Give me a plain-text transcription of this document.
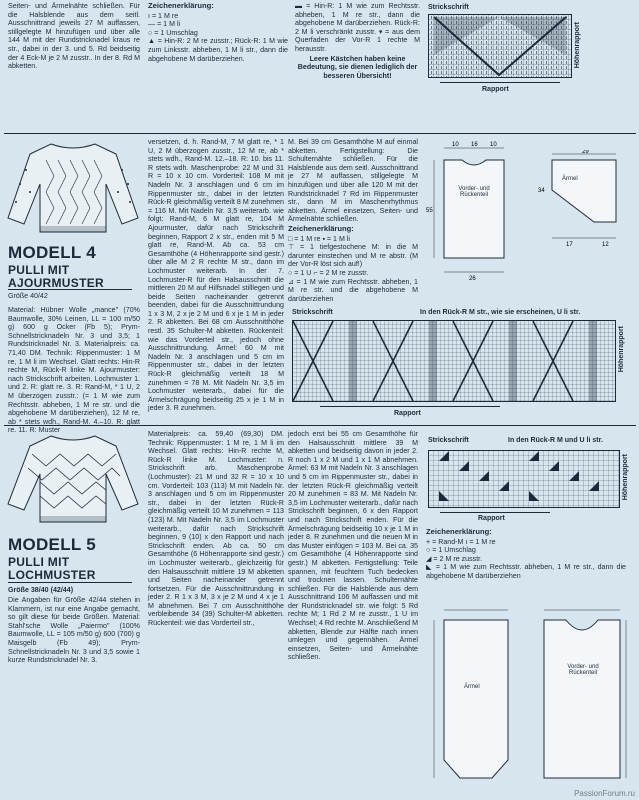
Seiten- und Ärmelnähte schließen. Für die Halsblende aus dem seitl. Ausschnittrand jeweils 27 M auffassen, stillgelegte M hinzufügen und über alle 144 M mit der Rundstricknadel kraus re str., dabei in der 3. und 5. Rd beidseitig der 4 Eck-M je 2 M zusstr.. In der 8. Rd M abketten.

Zeichenerklärung:
ı = 1 M re
— = 1 M li
○ = 1 Umschlag
▲ = Hin-R: 2 M re zusstr.; Rück-R: 1 M wie zum Linksstr. abheben, 1 M li str., dann die abgehobene M darüberziehen.

▬ = Hin-R: 1 M wie zum Rechtsstr. abheben, 1 M re str., dann die abgehobene M darüberziehen. Rück-R: 2 M li verschränkt zusstr. ▾ = aus dem Querfaden der Vor-R 1 rechte M herausstr.

Leere Kästchen haben keine Bedeutung, sie dienen lediglich der besseren Übersicht!

Strickschrift
Höhenrapport
Rapport
MODELL 4
PULLI MIT
AJOURMUSTER
Größe 40/42

Material: Hübner Wolle „mance" (70% Baumwolle, 30% Leinen, LL = 100 m/50 g) 600 g Ocker (Fb 5); Prym-Schnellstricknadeln Nr. 3 und 3,5; 1 Rundstricknadel Nr. 3. Materialpreis: ca. 71,40 DM. Technik: Rippenmuster: 1 M re, 1 M li im Wechsel. Glatt rechts: Hin-R rechte M, Rück-R linke M. Ajourmuster: nach Strickschrift arbeiten. Lochmuster 1. und 2. R: glatt re. 3. R: Rand-M, * 1 U, 2 M überzogen zusstr.: (= 1 M wie zum Rechtsstr. abheben, 1 M re str. und die abgehobene M darüberziehen), 12 M re, ab * stets wdh., Rand-M. 4.–10. R: glatt re. 11. R: Muster

versetzen, d. h. Rand-M, 7 M glatt re, * 1 U, 2 M überzogen zusstr., 12 M re, ab * stets wdh., Rand-M. 12.–18. R: 10. bis 11. R stets wdh. Maschenprobe: 22 M und 31 R = 10 x 10 cm. Vorderteil: 108 M mit Nadeln Nr. 3 anschlagen und 6 cm im Rippenmuster str., dabei in der letzten Rück-R gleichmäßig verteilt 8 M zunehmen = 116 M. Mit Nadeln Nr. 3,5 weiterarb. wie folgt: Rand-M, 6 M glatt re, 104 M Ajourmuster, dafür nach Strickschrift beginnen, Rapport 2 x str., enden mit 5 M glatt re, Rand-M. Ab ca. 53 cm Gesamthöhe (4 Höhenrapporte sind gestr.) über alle M 2 R rechte M str., dann im Lochmuster weiterarb. In der 7. Lochmuster-R für den Halsausschnitt die mittleren 20 M auf Hilfsnadel stilllegen und beide Seiten nacheinander getrennt beenden, dabei für die Ausschnittrundung 1 x 3 M, 2 x je 2 M und 6 x je 1 M in jeder 2. R abketten. Bei 68 cm Ausschnitthöhe restl. 35 Schulter-M abketten. Rückenteil: wie das Vorderteil str., jedoch ohne Ausschnittrundung. Ärmel: 60 M mit Nadeln Nr. 3 anschlagen und 5 cm im Rippenmuster str., dabei in der letzten Rück-R gleichmäßig verteilt 18 M zunehmen = 78 M. Mit Nadeln Nr. 3,5 im Lochmuster weiterarb., dabei für die Ärmelschrägung beidseitig 25 x je 1 M in jeder 3. R zunehmen.

M. Bei 39 cm Gesamthöhe M auf einmal abketten. Fertigstellung: Die Schulternähte schließen. Für die Halsblende aus dem seitl. Ausschnittrand je 27 M auffassen, stillgelegte M hinzufügen und über alle 120 M mit der Rundstricknadel 7 Rd im Rippenmuster str., dann M im Maschenrhythmus abketten. Ärmel einsetzen, Seiten- und Ärmelnähte schließen.

Zeichenerklärung:
□ = 1 M re ▪ = 1 M li
⊤ = 1 tiefgestochene M: in die M darunter einstechen und M re abstr. (M der Vor-R löst sich auf!)
○ = 1 U ⌐ = 2 M re zusstr.
⊿ = 1 M wie zum Rechtsstr. abheben, 1 M re str. und die abgehobene M darüberziehen
10 16 10
55
26
Vorder- und Rückenteil
29
34
17	12
Ärmel
Strickschrift	In den Rück-R M str., wie sie erscheinen, U li str.
Höhenrapport
Rapport
MODELL 5
PULLI MIT
LOCHMUSTER
Größe 38/40 (42/44)

Die Angaben für Größe 42/44 stehen in Klammern, ist nur eine Angabe gemacht, so gilt diese für beide Größen. Material: Stahl'sche Wolle „Paiermo" (100% Baumwolle, LL = 105 m/50 g) 600 (700) g Maisgelb (Fb 49); Prym-Schnellstricknadeln Nr. 3 und 3,5 sowie 1 kurze Rundstricknadel Nr. 3.

Materialpreis: ca. 59,40 (69,30) DM. Technik: Rippenmuster: 1 M re, 1 M li im Wechsel. Glatt rechts: Hin-R rechte M, Rück-R linke M. Lochmuster: n. Strickschrift arb. Maschenprobe (Lochmuster): 21 M und 32 R = 10 x 10 cm. Vorderteil: 103 (113) M mit Nadeln Nr. 3 anschlagen und 5 cm im Rippenmuster str., dabei in der letzten Rück-R gleichmäßig verteilt 10 M zunehmen = 113 (123) M. Mit Nadeln Nr. 3,5 im Lochmuster weiterarb., dafür nach Strickschrift beginnen, 9 (10) x den Rapport und nach Strickschrift enden. Ab ca. 50 cm Gesamthöhe (6 Höhenrapporte sind gestr.) im Lochmuster weiterarb., gleichzeitig für den Halsausschnitt mittlere 19 M abketten und Seiten nacheinander getrennt fortsetzen. Für die Ausschnittrundung in jeder 2. R 1 x 3 M, 3 x je 2 M und 4 x je 1 M abnehmen. Bei 7 cm Ausschnitthöhe verbleibende 34 (39) Schulter-M abketten. Rückenteil: wie das Vorderteil str.,

jedoch erst bei 55 cm Gesamthöhe für den Halsausschnitt mittlere 39 M abketten und beidseitig davon in jeder 2. R noch 1 x 2 M und 1 x 1 M abnehmen. Ärmel: 63 M mit Nadeln Nr. 3 anschlagen und 5 cm im Rippenmuster str., dabei in der letzten Rück-R gleichmäßig verteilt 20 M zunehmen = 83 M. Mit Nadeln Nr. 3,5 im Lochmuster weiterarb., dafür nach Strickschrift beginnen, 6 x den Rapport und nach Strickschrift enden. Für die Ärmelschrägung beidseitig 10 x je 1 M in jeder 8. R zunehmen und die neuen M in das Muster einfügen = 103 M. Bei ca. 35 cm Gesamthöhe (4 Höhenrapporte sind gestr.) M abketten. Fertigstellung: Teile spannen, mit feuchtem Tuch bedecken und trocknen lassen. Schulternähte schließen. Für die Halsblende aus dem Ausschnittrand 106 M auffassen und mit der Rundstricknadel str. wie folgt: 5 Rd rechte M; 1 Rd 2 M re zusstr., 1 U im Wechsel; 4 Rd rechte M. Anschließend M abketten, Blende zur Hälfte nach innen umlegen und gegennähen. Ärmel einsetzen, Seiten- und Ärmelnähte schließen.

Strickschrift	In den Rück-R M und U li str.
Höhenrapport
Rapport
Zeichenerklärung:
+ = Rand-M ı = 1 M re
○ = 1 Umschlag
◢ = 2 M re zusstr.
◣ = 1 M wie zum Rechtsstr. abheben, 1 M re str., dann die abgehobene M darüberziehen
Ärmel
Vorder- und Rückenteil
PassionForum.ru
